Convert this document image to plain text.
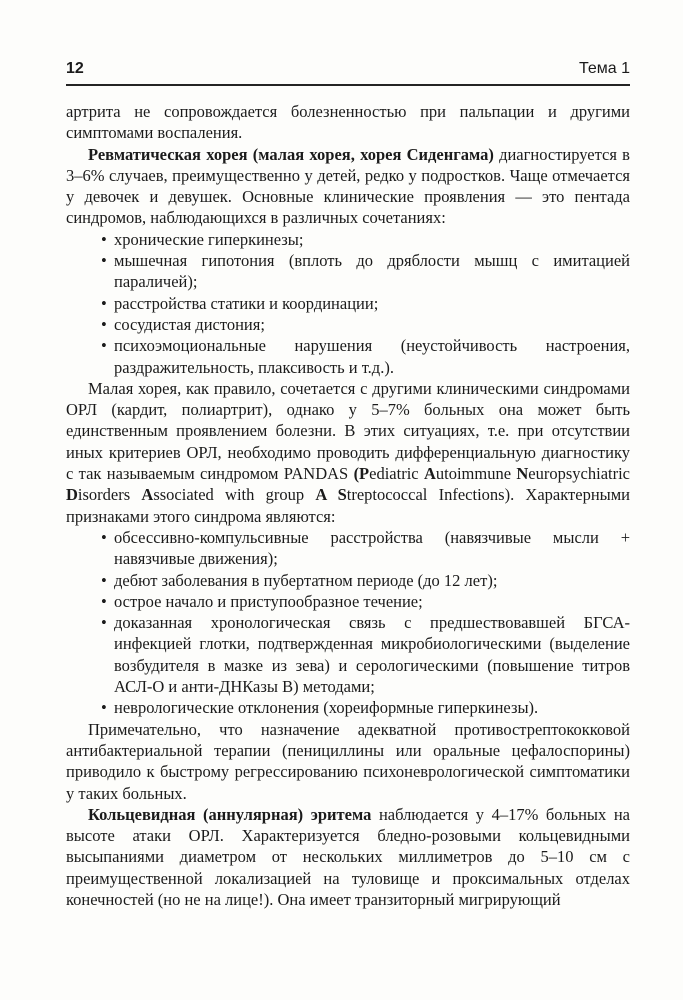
12	Тема 1

артрита не сопровождается болезненностью при пальпации и другими симптомами воспаления.

Ревматическая хорея (малая хорея, хорея Сиденгама) диагностируется в 3–6% случаев, преимущественно у детей, редко у подростков. Чаще отмечается у девочек и девушек. Основные клинические проявления — это пентада синдромов, наблюдающихся в различных сочетаниях:

• хронические гиперкинезы;
• мышечная гипотония (вплоть до дряблости мышц с имитацией параличей);
• расстройства статики и координации;
• сосудистая дистония;
• психоэмоциональные нарушения (неустойчивость настроения, раздражительность, плаксивость и т.д.).

Малая хорея, как правило, сочетается с другими клиническими синдромами ОРЛ (кардит, полиартрит), однако у 5–7% больных она может быть единственным проявлением болезни. В этих ситуациях, т.е. при отсутствии иных критериев ОРЛ, необходимо проводить дифференциальную диагностику с так называемым синдромом PANDAS (Pediatric Autoimmune Neuropsychiatric Disorders Associated with group A Streptococcal Infections). Характерными признаками этого синдрома являются:

• обсессивно-компульсивные расстройства (навязчивые мысли + навязчивые движения);
• дебют заболевания в пубертатном периоде (до 12 лет);
• острое начало и приступообразное течение;
• доказанная хронологическая связь с предшествовавшей БГСА-инфекцией глотки, подтвержденная микробиологическими (выделение возбудителя в мазке из зева) и серологическими (повышение титров АСЛ-О и анти-ДНКазы В) методами;
• неврологические отклонения (хореиформные гиперкинезы).

Примечательно, что назначение адекватной противострептококковой антибактериальной терапии (пенициллины или оральные цефалоспорины) приводило к быстрому регрессированию психоневрологической симптоматики у таких больных.

Кольцевидная (аннулярная) эритема наблюдается у 4–17% больных на высоте атаки ОРЛ. Характеризуется бледно-розовыми кольцевидными высыпаниями диаметром от нескольких миллиметров до 5–10 см с преимущественной локализацией на туловище и проксимальных отделах конечностей (но не на лице!). Она имеет транзиторный мигрирующий
